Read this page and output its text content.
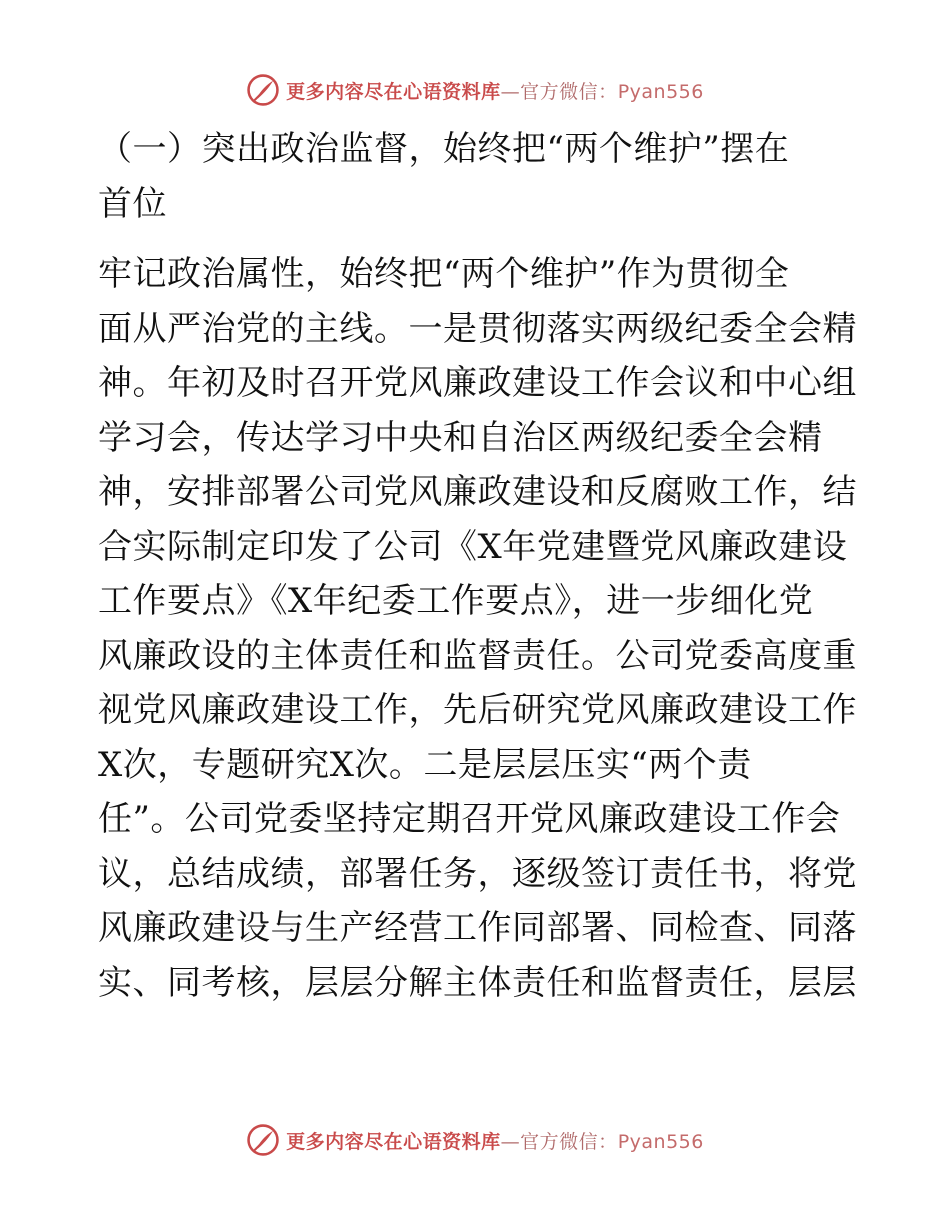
更多内容尽在心语资料库—官方微信：Pyan556
（一）突出政治监督，始终把“两个维护”摆在
首位
牢记政治属性，始终把“两个维护”作为贯彻全
面从严治党的主线。一是贯彻落实两级纪委全会精
神。年初及时召开党风廉政建设工作会议和中心组
学习会，传达学习中央和自治区两级纪委全会精
神，安排部署公司党风廉政建设和反腐败工作，结
合实际制定印发了公司《X年党建暨党风廉政建设
工作要点》《X年纪委工作要点》，进一步细化党
风廉政设的主体责任和监督责任。公司党委高度重
视党风廉政建设工作，先后研究党风廉政建设工作
X次，专题研究X次。二是层层压实“两个责
任”。公司党委坚持定期召开党风廉政建设工作会
议，总结成绩，部署任务，逐级签订责任书，将党
风廉政建设与生产经营工作同部署、同检查、同落
实、同考核，层层分解主体责任和监督责任，层层
更多内容尽在心语资料库—官方微信：Pyan556
